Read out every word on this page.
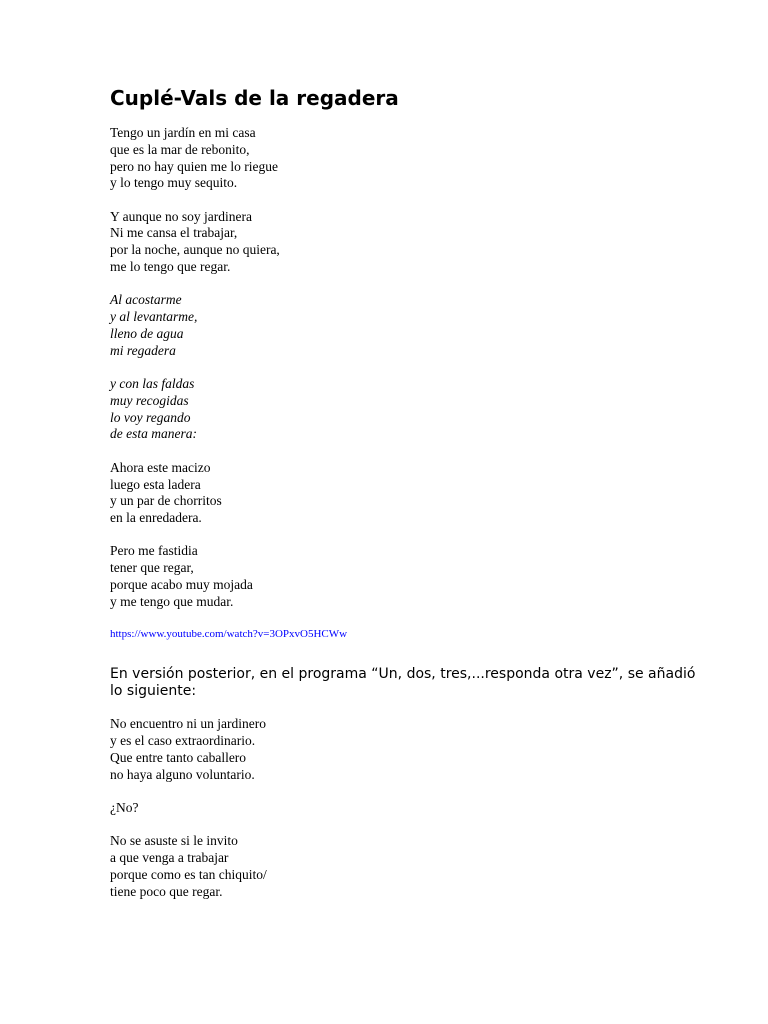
Cuplé-Vals de la regadera
Tengo un jardín en mi casa
que es la mar de rebonito,
pero no hay quien me lo riegue
y lo tengo muy sequito.
Y aunque no soy jardinera
Ni me cansa el trabajar,
por la noche, aunque no quiera,
me lo tengo que regar.
Al acostarme
y al levantarme,
lleno de agua
mi regadera
y con las faldas
muy recogidas
lo voy regando
de esta manera:
Ahora este macizo
luego esta ladera
y un par de chorritos
en la enredadera.
Pero me fastidia
tener que regar,
porque acabo muy mojada
y me tengo que mudar.
https://www.youtube.com/watch?v=3OPxvO5HCWw

En versión posterior, en el programa “Un, dos, tres,...responda otra vez”, se añadió lo siguiente:

No encuentro ni un jardinero
y es el caso extraordinario.
Que entre tanto caballero
no haya alguno voluntario.
¿No?
No se asuste si le invito
a que venga a trabajar
porque como es tan chiquito/
tiene poco que regar.
